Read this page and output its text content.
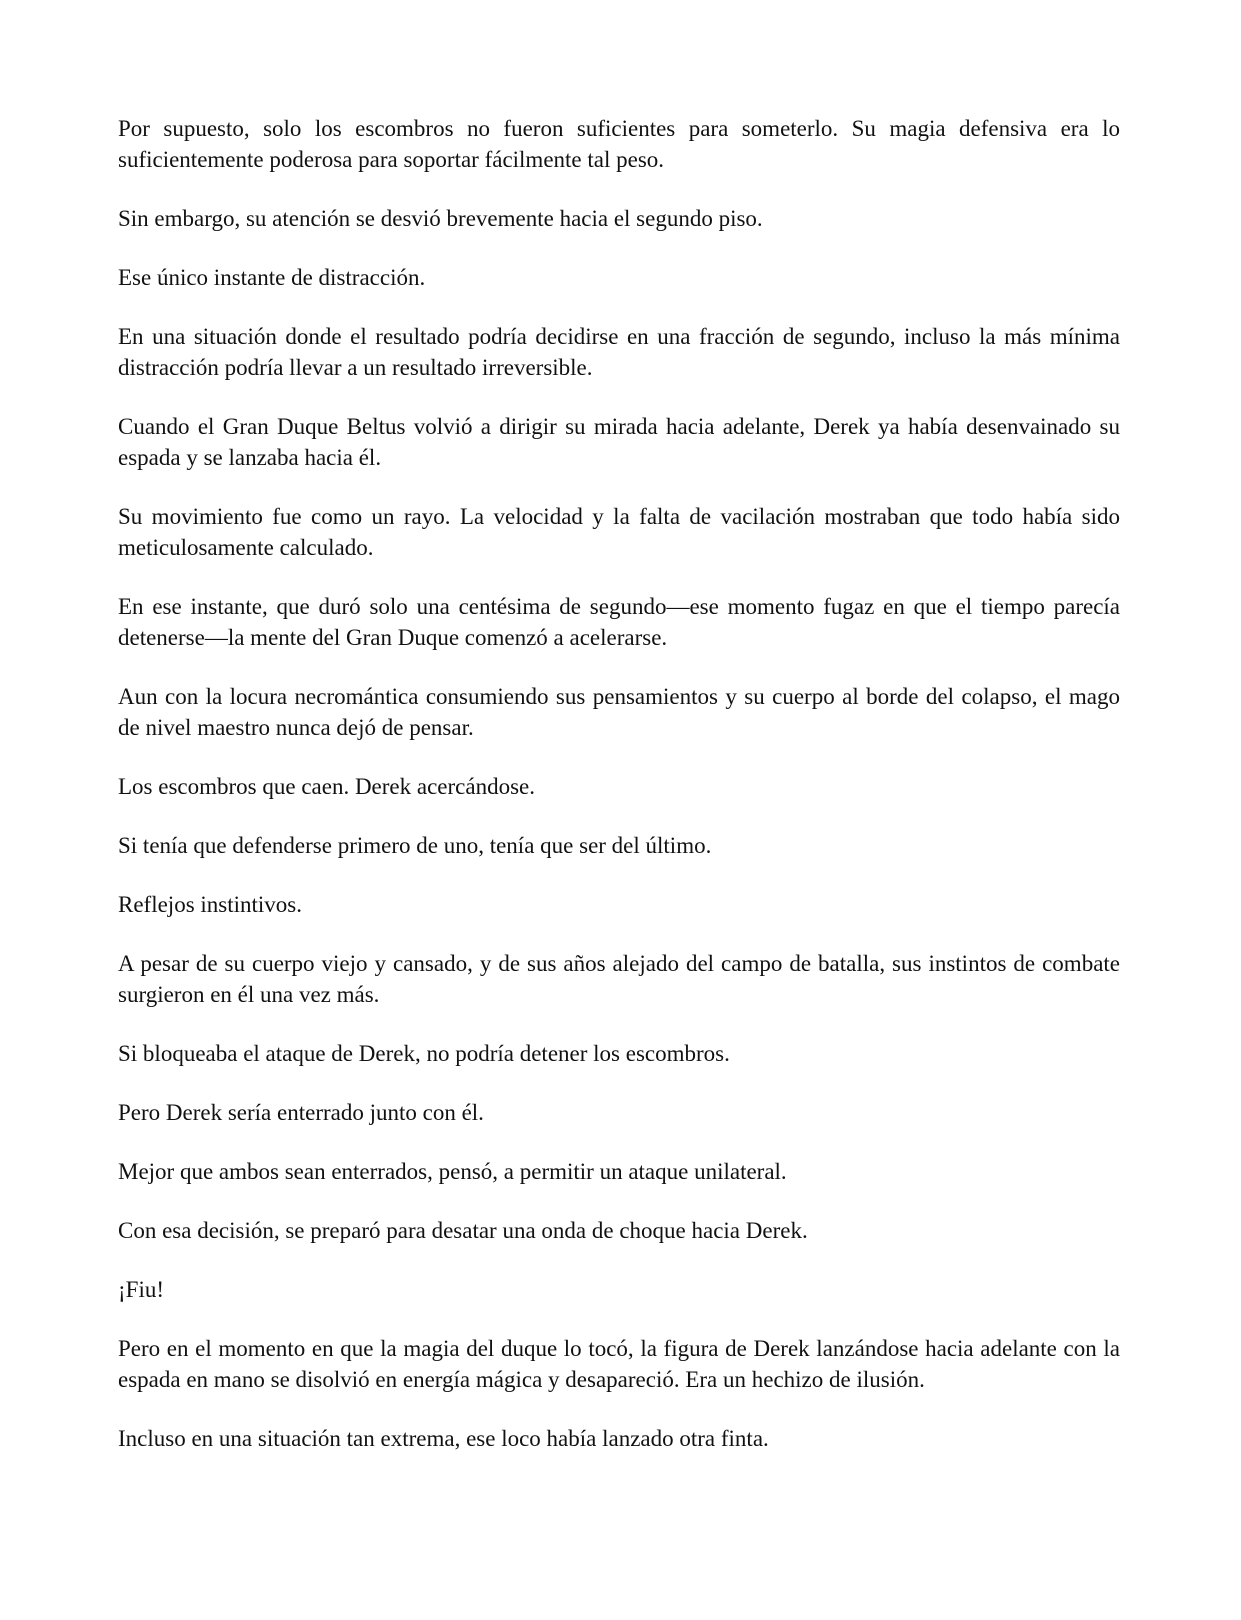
Por supuesto, solo los escombros no fueron suficientes para someterlo. Su magia defensiva era lo suficientemente poderosa para soportar fácilmente tal peso.

Sin embargo, su atención se desvió brevemente hacia el segundo piso.

Ese único instante de distracción.

En una situación donde el resultado podría decidirse en una fracción de segundo, incluso la más mínima distracción podría llevar a un resultado irreversible.

Cuando el Gran Duque Beltus volvió a dirigir su mirada hacia adelante, Derek ya había desenvainado su espada y se lanzaba hacia él.

Su movimiento fue como un rayo. La velocidad y la falta de vacilación mostraban que todo había sido meticulosamente calculado.

En ese instante, que duró solo una centésima de segundo—ese momento fugaz en que el tiempo parecía detenerse—la mente del Gran Duque comenzó a acelerarse.

Aun con la locura necromántica consumiendo sus pensamientos y su cuerpo al borde del colapso, el mago de nivel maestro nunca dejó de pensar.

Los escombros que caen. Derek acercándose.

Si tenía que defenderse primero de uno, tenía que ser del último.

Reflejos instintivos.

A pesar de su cuerpo viejo y cansado, y de sus años alejado del campo de batalla, sus instintos de combate surgieron en él una vez más.

Si bloqueaba el ataque de Derek, no podría detener los escombros.

Pero Derek sería enterrado junto con él.

Mejor que ambos sean enterrados, pensó, a permitir un ataque unilateral.

Con esa decisión, se preparó para desatar una onda de choque hacia Derek.

¡Fiu!

Pero en el momento en que la magia del duque lo tocó, la figura de Derek lanzándose hacia adelante con la espada en mano se disolvió en energía mágica y desapareció. Era un hechizo de ilusión.

Incluso en una situación tan extrema, ese loco había lanzado otra finta.
